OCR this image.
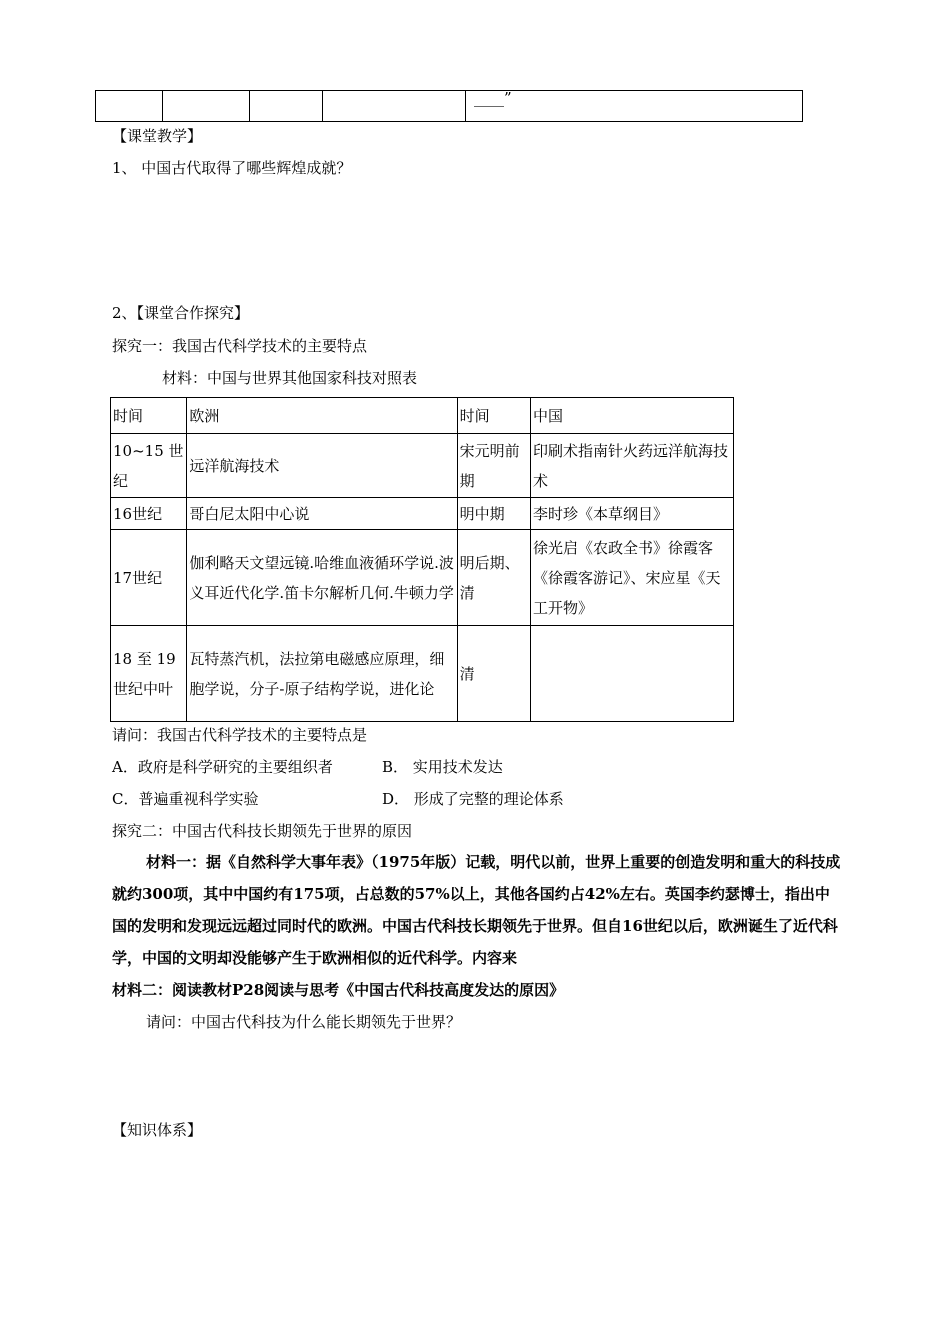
				____”
【课堂教学】
1、 中国古代取得了哪些辉煌成就？
2、【课堂合作探究】
探究一：我国古代科学技术的主要特点
材料：中国与世界其他国家科技对照表
时间	欧洲	时间	中国
10~15 世纪	远洋航海技术	宋元明前期	印刷术指南针火药远洋航海技术
16世纪	哥白尼太阳中心说	明中期	李时珍《本草纲目》
17世纪	伽利略天文望远镜.哈维血液循环学说.波义耳近代化学.笛卡尔解析几何.牛顿力学	明后期、清	徐光启《农政全书》徐霞客《徐霞客游记》、宋应星《天工开物》
18 至 19世纪中叶	瓦特蒸汽机，法拉第电磁感应原理，细胞学说，分子-原子结构学说，进化论	清	
请问：我国古代科学技术的主要特点是
A．政府是科学研究的主要组织者	B． 实用技术发达
C．普遍重视科学实验	D． 形成了完整的理论体系
探究二：中国古代科技长期领先于世界的原因
材料一：据《自然科学大事年表》（1975年版）记载，明代以前，世界上重要的创造发明和重大的科技成就约300项，其中中国约有175项，占总数的57%以上，其他各国约占42%左右。英国李约瑟博士，指出中国的发明和发现远远超过同时代的欧洲。中国古代科技长期领先于世界。但自16世纪以后，欧洲诞生了近代科学，中国的文明却没能够产生于欧洲相似的近代科学。内容来
材料二：阅读教材P28阅读与思考《中国古代科技高度发达的原因》
请问：中国古代科技为什么能长期领先于世界？
【知识体系】
